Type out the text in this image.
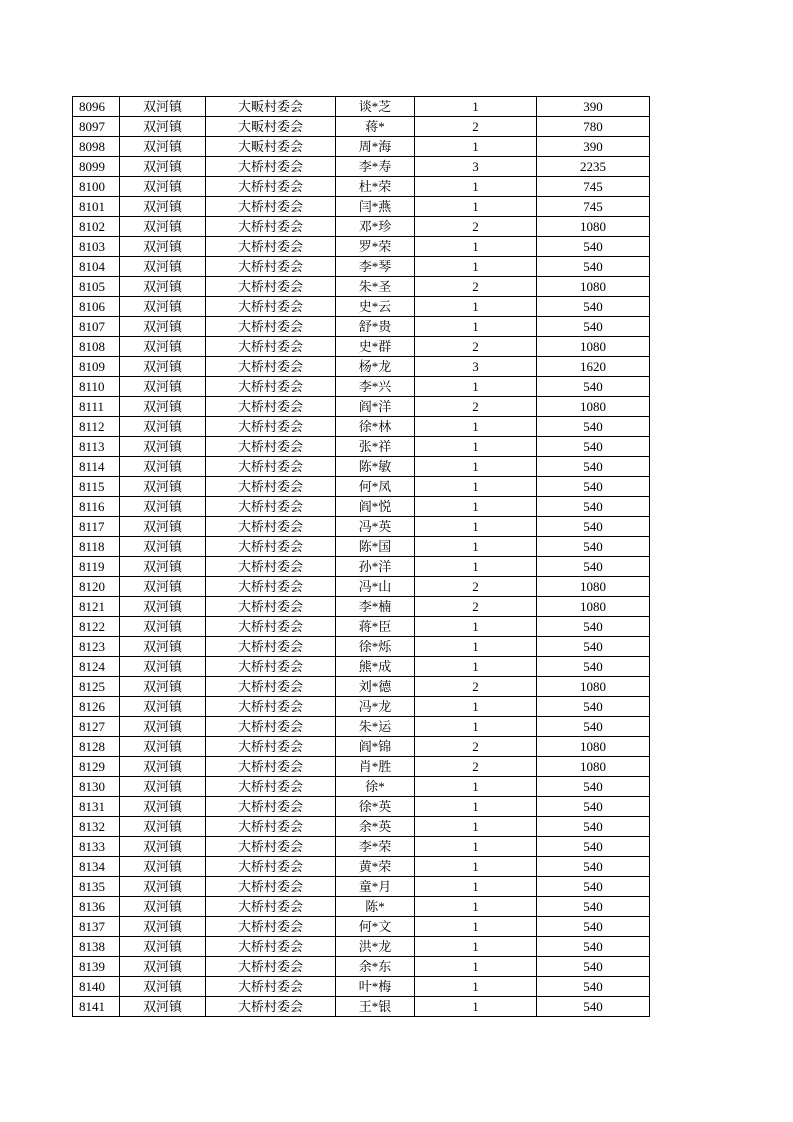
8096	双河镇	大畈村委会	谈*芝	1	390
8097	双河镇	大畈村委会	蒋*	2	780
8098	双河镇	大畈村委会	周*海	1	390
8099	双河镇	大桥村委会	李*寿	3	2235
8100	双河镇	大桥村委会	杜*荣	1	745
8101	双河镇	大桥村委会	闫*燕	1	745
8102	双河镇	大桥村委会	邓*珍	2	1080
8103	双河镇	大桥村委会	罗*荣	1	540
8104	双河镇	大桥村委会	李*琴	1	540
8105	双河镇	大桥村委会	朱*圣	2	1080
8106	双河镇	大桥村委会	史*云	1	540
8107	双河镇	大桥村委会	舒*贵	1	540
8108	双河镇	大桥村委会	史*群	2	1080
8109	双河镇	大桥村委会	杨*龙	3	1620
8110	双河镇	大桥村委会	李*兴	1	540
8111	双河镇	大桥村委会	阎*洋	2	1080
8112	双河镇	大桥村委会	徐*林	1	540
8113	双河镇	大桥村委会	张*祥	1	540
8114	双河镇	大桥村委会	陈*敏	1	540
8115	双河镇	大桥村委会	何*凤	1	540
8116	双河镇	大桥村委会	阎*悦	1	540
8117	双河镇	大桥村委会	冯*英	1	540
8118	双河镇	大桥村委会	陈*国	1	540
8119	双河镇	大桥村委会	孙*洋	1	540
8120	双河镇	大桥村委会	冯*山	2	1080
8121	双河镇	大桥村委会	李*楠	2	1080
8122	双河镇	大桥村委会	蒋*臣	1	540
8123	双河镇	大桥村委会	徐*烁	1	540
8124	双河镇	大桥村委会	熊*成	1	540
8125	双河镇	大桥村委会	刘*德	2	1080
8126	双河镇	大桥村委会	冯*龙	1	540
8127	双河镇	大桥村委会	朱*运	1	540
8128	双河镇	大桥村委会	阎*锦	2	1080
8129	双河镇	大桥村委会	肖*胜	2	1080
8130	双河镇	大桥村委会	徐*	1	540
8131	双河镇	大桥村委会	徐*英	1	540
8132	双河镇	大桥村委会	余*英	1	540
8133	双河镇	大桥村委会	李*荣	1	540
8134	双河镇	大桥村委会	黄*荣	1	540
8135	双河镇	大桥村委会	童*月	1	540
8136	双河镇	大桥村委会	陈*	1	540
8137	双河镇	大桥村委会	何*文	1	540
8138	双河镇	大桥村委会	洪*龙	1	540
8139	双河镇	大桥村委会	余*东	1	540
8140	双河镇	大桥村委会	叶*梅	1	540
8141	双河镇	大桥村委会	王*银	1	540
